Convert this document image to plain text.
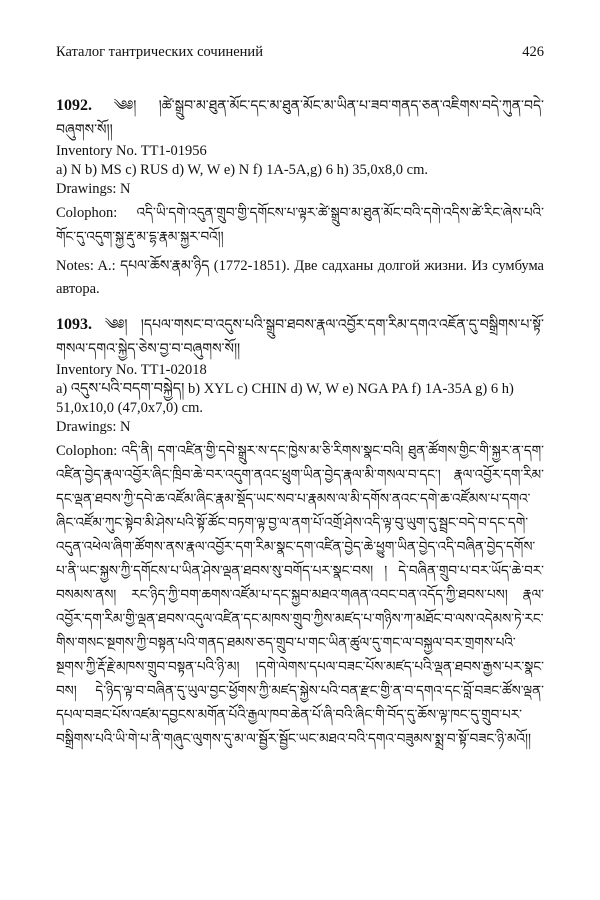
Каталог тантрических сочинений	426
1092. ༄༅། །ཚེ་སྒྲུབ་མ་ཐུན་མོང་དང་མ་ཐུན་མོང་མ་ཡིན་པ་ཟབ་གནད་ཅན་འཇིགས་བདེ་ཀུན་བདེ་བཞུགས་སོ།།
Inventory No. TT1-01956
a) N b) MS c) RUS d) W, W e) N f) 1A-5A,g) 6 h) 35,0x8,0 cm.
Drawings: N
Colophon: འདི་ཡི་དགེ་འདུན་གྲུབ་གྱི་དགོངས་པ་ལྟར་ཚེ་སྒྲུབ་མ་ཐུན་མོང་བའི་དགེ་འདིས་ཚེ་རིང་ཞེས་པའི་གོང་དུ་འདུག་སྐྱ་རྡུ་མ་དྷ་རྣམ་སྐྱར་བའོ།།
Notes: A.: དཔལ་ཆོས་རྣམ་ཉིད (1772-1851). Две садханы долгой жизни. Из сумбума автора.
1093. ༄༅། །དཔལ་གསང་བ་འདུས་པའི་སྒྲུབ་ཐབས་རྣལ་འབྱོར་དག་རིམ་དགའ་འཇོན་དུ་བསྒྲིགས་པ་སྟོ་གསལ་དགའ་སྐྱེད་ཅེས་བྱ་བ་བཞུགས་སོ།།
Inventory No. TT1-02018
a) འདུས་པའི་བདག་བསྐྱེད། b) XYL c) CHIN d) W, W e) NGA PA f) 1A-35A g) 6 h)
51,0x10,0 (47,0x7,0) cm.
Drawings: N
Colophon: འདི་ནི། དག་འཛིན་གྱི་དབེ་སྒྲུར་ས་དང་ཁྱེས་མ་ཅི་རིགས་སྣང་བའི། ཐུན་ཚོགས་གྱིང་གི་སྐྱར་ན་དག་འཛིན་བྱེད་རྣལ་འབྱོར་ཞིང་ཁྲིབ་ཆེ་བར་འདུག་ནའང་ཕྲུག་ཡིན་བྱེད་རྣལ་མི་གསལ་བ་དང་། རྣལ་འབྱོར་དག་རིམ་དང་ལྡན་ཐབས་ཀྱི་དབེ་ཆ་འཛོམ་ཞིང་རྣམ་སྡོད་ཡང་སབ་པ་རྣམས་ལ་མི་དགོས་ནའང་དགེ་ཆ་འཛོམས་པ་དགའ་ཞིང་འཛོམ་ཀུང་སྟེབ་མི་ཤེས་པའི་སྟོ་ཚོང་བཏག་ལྟ་བྱ་ལ་ནག་པོ་འགྲོ་ཤེས་འདི་ལྟ་བུ་ཡུག་དུ་སྦྲང་བདེ་བ་དང་དགེ་འདུན་འཕེལ་ཞིག་ཚོགས་ནས་རྣལ་འབྱོར་དག་རིམ་སྣང་དག་འཛིན་བྱེད་ཆེ་ཕྱུག་ཡིན་བྱེད་འདི་བཞིན་བྱེད་དགོས་པ་ནི་ཡང་སྐྱས་ཀྱི་དགོངས་པ་ཡིན་ཤེས་ལྡན་ཐབས་སུ་བགོད་པར་སྣང་བས། ། དེ་བཞིན་གྲུབ་པ་བར་ཡོད་ཆེ་བར་བསམས་ནས། རང་ཉིད་ཀྱི་བག་ཆགས་འཛོམ་པ་དང་སྐྱབ་མཐའ་གཞན་འབང་བན་འདོད་ཀྱི་ཐབས་པས། རྣལ་འབྱོར་དག་རིམ་གྱི་ལྡན་ཐབས་འདུལ་འཛིན་དང་མཁས་གྲུབ་ཀྱིས་མཛད་པ་གཉིས་ཀ་མཐོང་བ་ལས་འདེམས་ཏེ་རང་གིས་གསང་སྔགས་ཀྱི་བསྟན་པའི་གནད་ཐམས་ཅད་གྲུབ་པ་གང་ཡིན་ཚུལ་དུ་གང་ལ་བསྐྱལ་བར་གྲགས་པའི་སྔགས་ཀྱི་རྡོ་རྗེ་མཁས་གྲུབ་བསྟན་པའི་ཉི་མ། །དགེ་ལེགས་དཔལ་བཟང་པོས་མཛད་པའི་ལྡན་ཐབས་རྒྱས་པར་སྣང་བས། དེ་ཉིད་ལྟ་བ་བཞིན་དུ་ཡུལ་བྱང་ཕྱོགས་ཀྱི་མཛད་སྐྱེས་པའི་བན་རྫང་གྱི་ན་བ་དགའ་དང་བློ་བཟང་ཚོས་ལྡན་དཔལ་བཟང་པོས་འཛམ་དབྱངས་མགོན་པོའི་རྒྱལ་ཁབ་ཆེན་པོ་ཞི་བའི་ཞིང་གི་བོད་དུ་ཆོས་ལྟ་ཁང་དུ་གྲུབ་པར་བསྒྲིགས་པའི་ཡི་གེ་པ་ནི་གཞུང་ལུགས་དུ་མ་ལ་སྦྱོར་སྦྱོང་ཡང་མཐའ་བའི་དགའ་བཟུམས་སྨྲ་བ་སྟོ་བཟང་ཉི་མའོ།།
